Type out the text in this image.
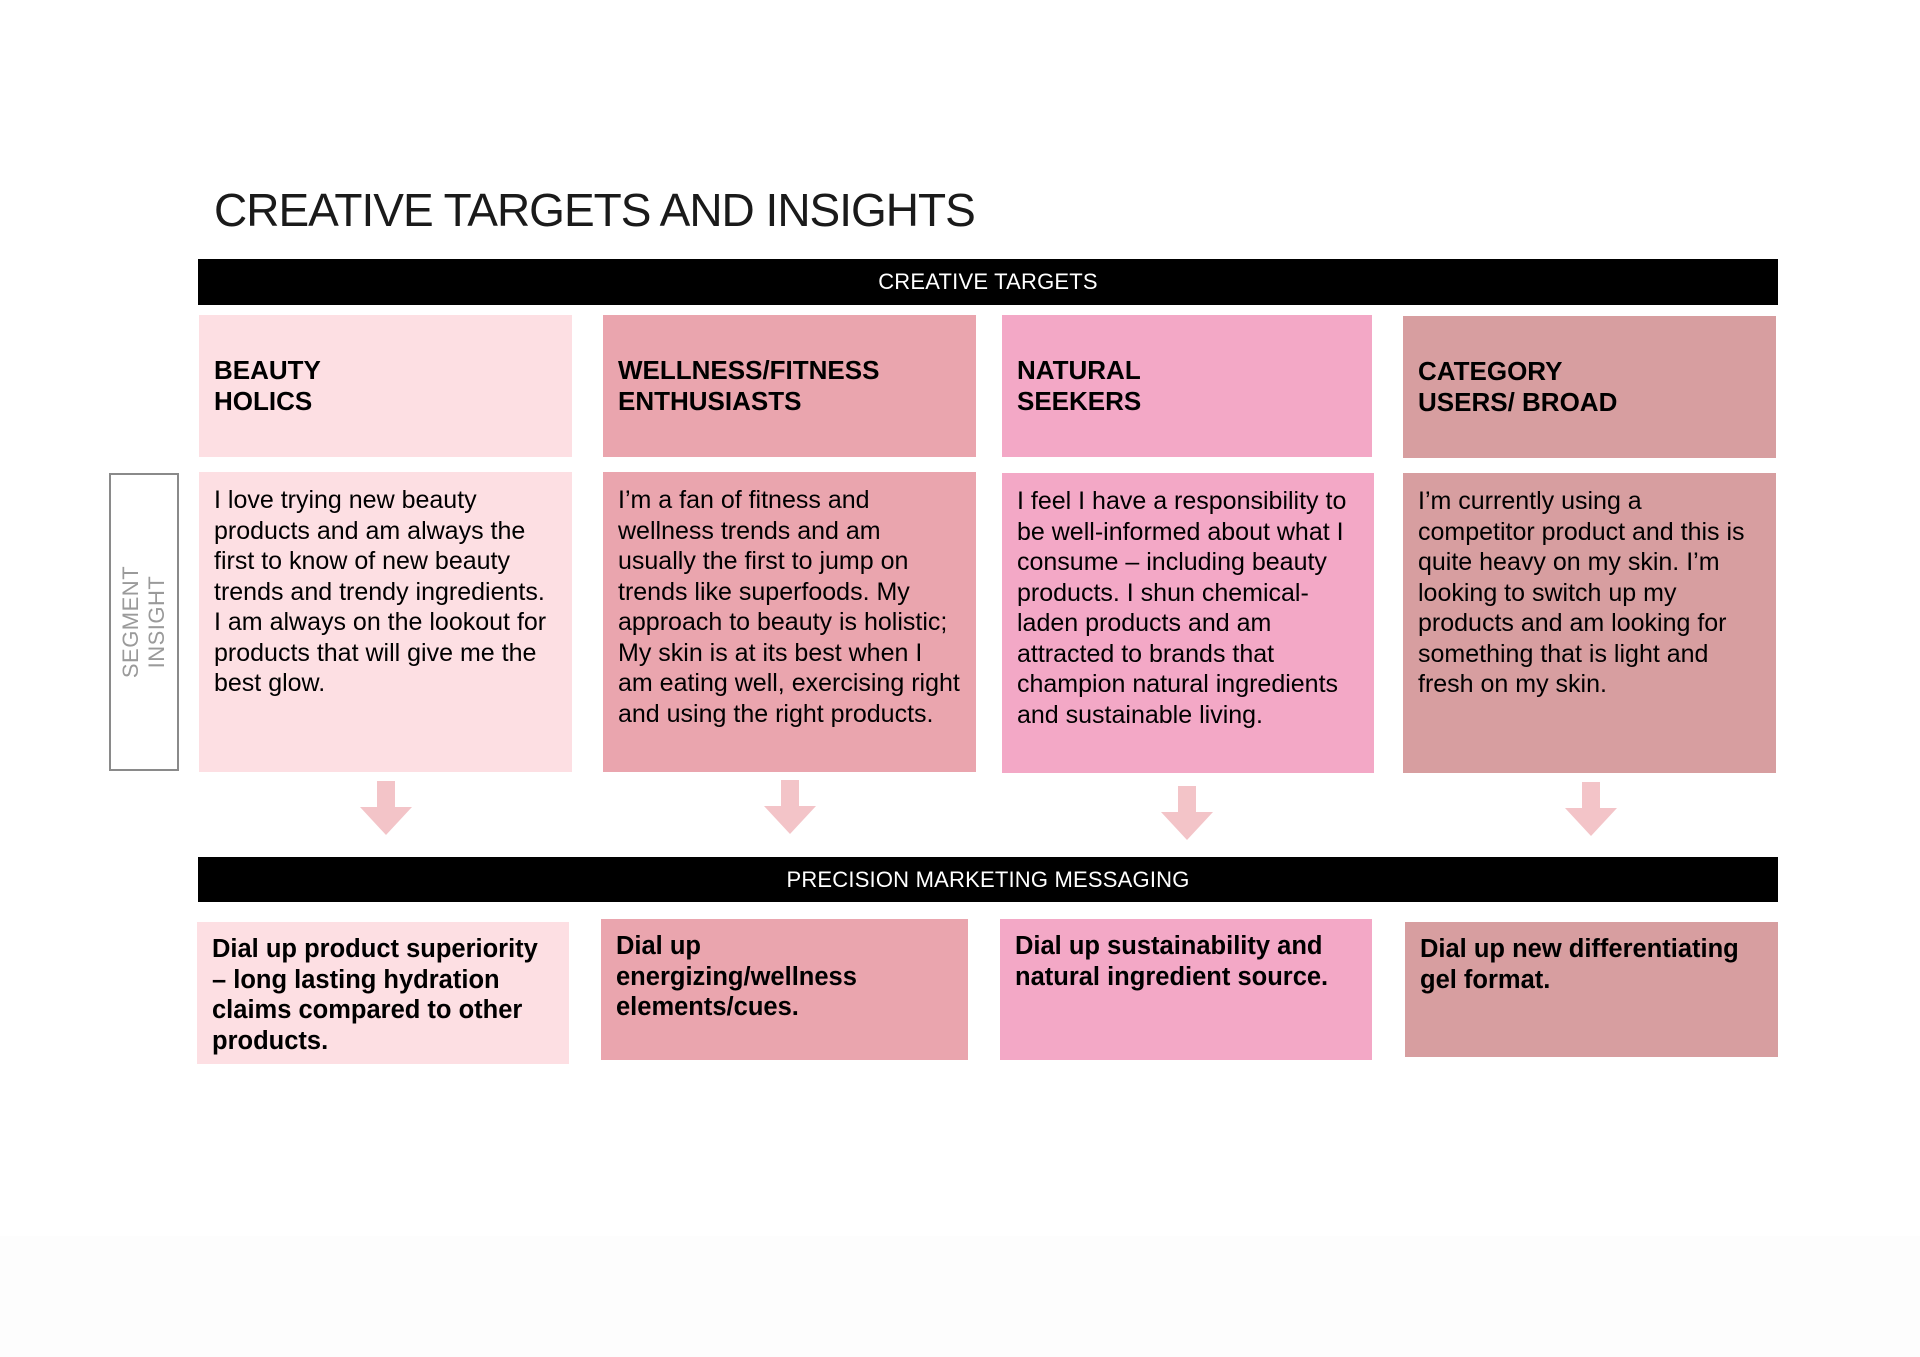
CREATIVE TARGETS AND INSIGHTS
CREATIVE TARGETS
BEAUTY
HOLICS
WELLNESS/FITNESS
ENTHUSIASTS
NATURAL
SEEKERS
CATEGORY
USERS/ BROAD
SEGMENT
INSIGHT
I love trying new beauty products and am always the first to know of new beauty trends and trendy ingredients. I am always on the lookout for products that will give me the best glow.
I’m a fan of fitness and wellness trends and am usually the first to jump on trends like superfoods. My approach to beauty is holistic; My skin is at its best when I am eating well, exercising right and using the right products.
I feel I have a responsibility to be well-informed about what I consume – including beauty products. I shun chemical-laden products and am attracted to brands that champion natural ingredients and sustainable living.
I’m currently using a competitor product and this is quite heavy on my skin. I’m looking to switch up my products and am looking for something that is light and fresh on my skin.
PRECISION MARKETING MESSAGING
Dial up product superiority – long lasting hydration claims compared to other products.
Dial up
energizing/wellness elements/cues.
Dial up sustainability and natural ingredient source.
Dial up new differentiating gel format.
